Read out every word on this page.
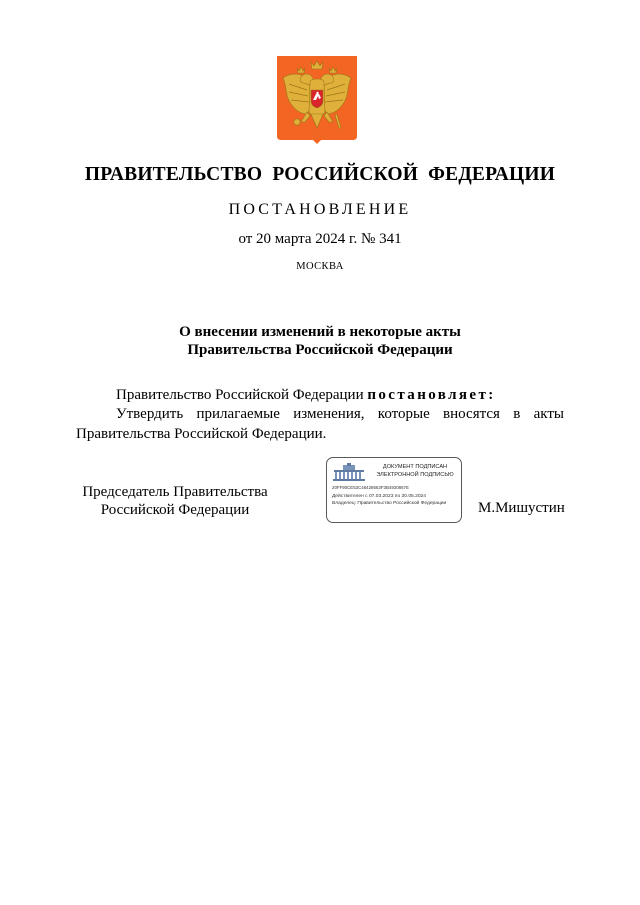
ПРАВИТЕЛЬСТВО РОССИЙСКОЙ ФЕДЕРАЦИИ
ПОСТАНОВЛЕНИЕ
от 20 марта 2024 г. № 341
МОСКВА
О внесении изменений в некоторые акты
Правительства Российской Федерации
Правительство Российской Федерации постановляет:
Утвердить прилагаемые изменения, которые вносятся в акты
Правительства Российской Федерации.
Председатель Правительства
Российской Федерации
ДОКУМЕНТ ПОДПИСАН
ЭЛЕКТРОННОЙ ПОДПИСЬЮ
20FF90CE53C46428663F3B4930867E
Действителен с 07.03.2023 по 30.05.2024
Владелец: Правительство Российской Федерации	М.Мишустин
